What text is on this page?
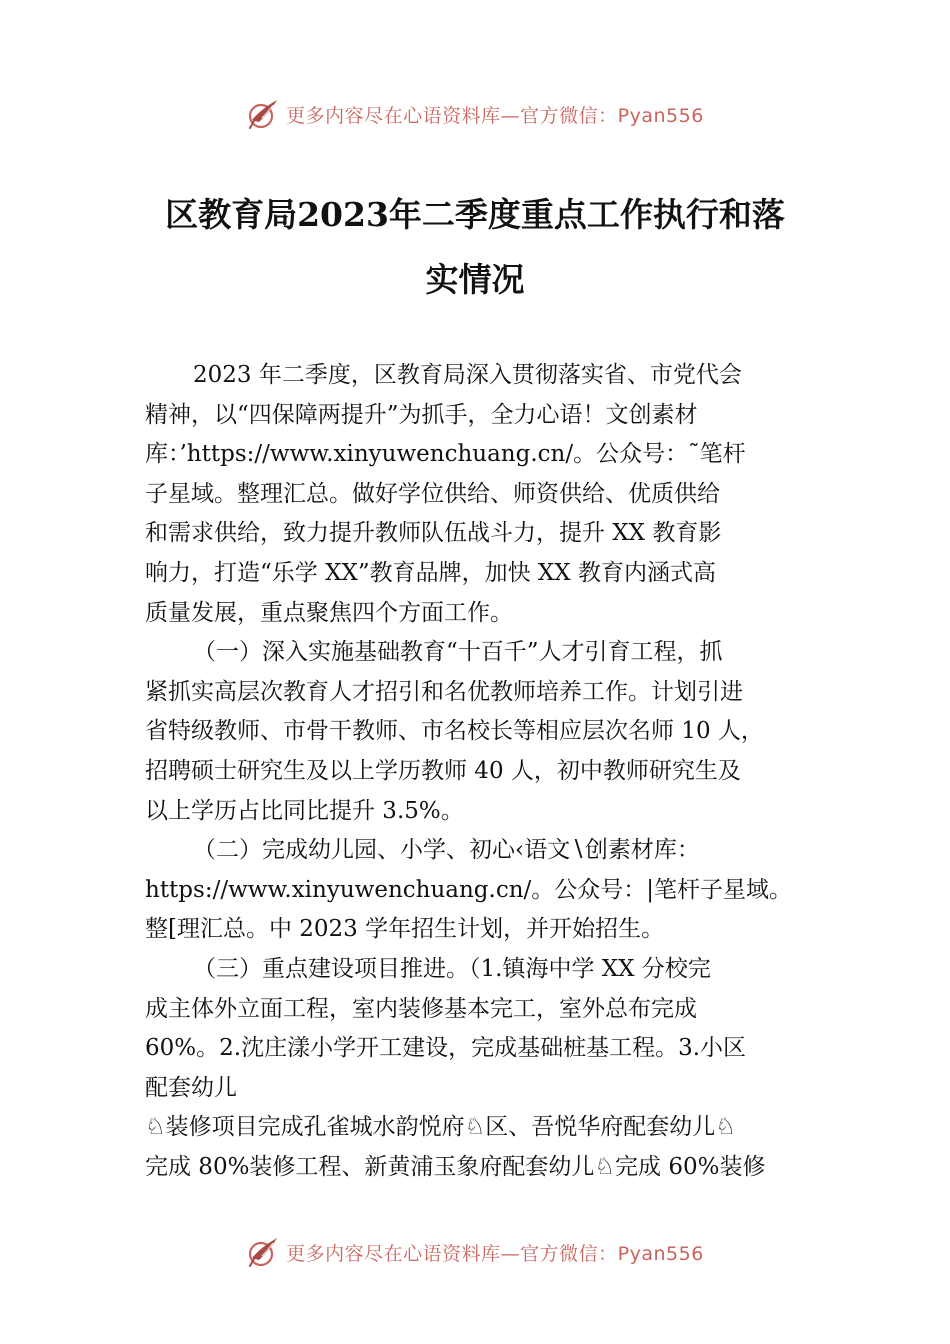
更多内容尽在心语资料库—官方微信：Pyan556
区教育局2023年二季度重点工作执行和落
实情况
2023 年二季度，区教育局深入贯彻落实省、市党代会
精神，以“四保障两提升”为抓手，全力心语！文创素材
库：’https://www.xinyuwenchuang.cn/。公众号：˜笔杆
子星域。整理汇总。做好学位供给、师资供给、优质供给
和需求供给，致力提升教师队伍战斗力，提升 XX 教育影
响力，打造“乐学 XX”教育品牌，加快 XX 教育内涵式高
质量发展，重点聚焦四个方面工作。
（一）深入实施基础教育“十百千”人才引育工程，抓
紧抓实高层次教育人才招引和名优教师培养工作。计划引进
省特级教师、市骨干教师、市名校长等相应层次名师 10 人，
招聘硕士研究生及以上学历教师 40 人，初中教师研究生及
以上学历占比同比提升 3.5%。
（二）完成幼儿园、小学、初心‹语文∖创素材库：
https://www.xinyuwenchuang.cn/。公众号：|笔杆子星域。
整[理汇总。中 2023 学年招生计划，并开始招生。
（三）重点建设项目推进。（1.镇海中学 XX 分校完
成主体外立面工程，室内装修基本完工，室外总布完成
60%。2.沈庄漾小学开工建设，完成基础桩基工程。3.小区
配套幼儿
♘装修项目完成孔雀城水韵悦府♘区、吾悦华府配套幼儿♘
完成 80%装修工程、新黄浦玉象府配套幼儿♘完成 60%装修
更多内容尽在心语资料库—官方微信：Pyan556
